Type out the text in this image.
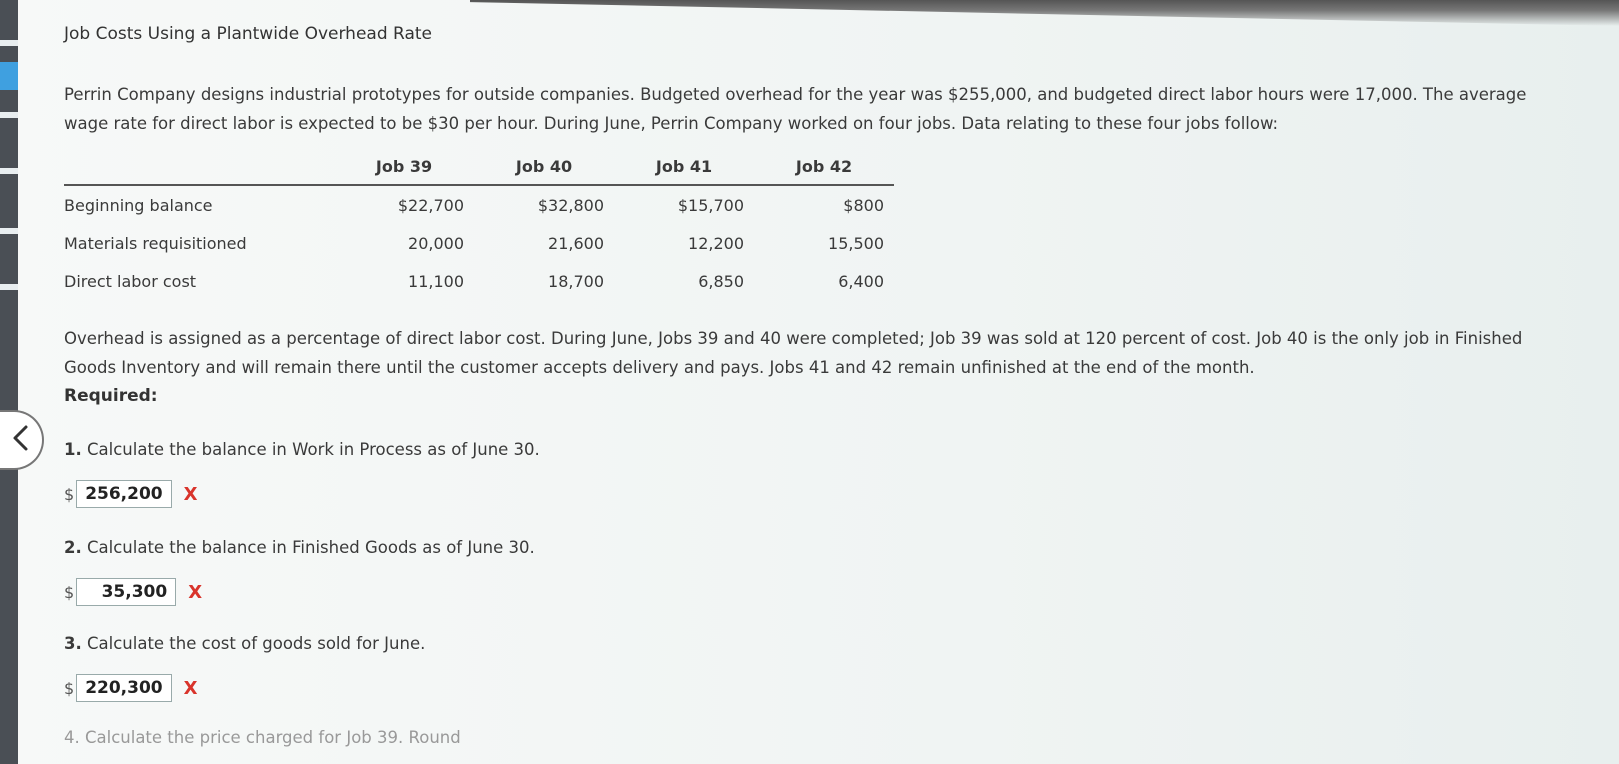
Job Costs Using a Plantwide Overhead Rate
Perrin Company designs industrial prototypes for outside companies. Budgeted overhead for the year was $255,000, and budgeted direct labor hours were 17,000. The average wage rate for direct labor is expected to be $30 per hour. During June, Perrin Company worked on four jobs. Data relating to these four jobs follow:
	Job 39	Job 40	Job 41	Job 42
Beginning balance	$22,700	$32,800	$15,700	$800
Materials requisitioned	20,000	21,600	12,200	15,500
Direct labor cost	11,100	18,700	6,850	6,400
Overhead is assigned as a percentage of direct labor cost. During June, Jobs 39 and 40 were completed; Job 39 was sold at 120 percent of cost. Job 40 is the only job in Finished Goods Inventory and will remain there until the customer accepts delivery and pays. Jobs 41 and 42 remain unfinished at the end of the month.
Required:
1. Calculate the balance in Work in Process as of June 30.
$ 256,200	X
2. Calculate the balance in Finished Goods as of June 30.
$	35,300	X
3. Calculate the cost of goods sold for June.
$ 220,300	X
4. Calculate the price charged for Job 39. Round
